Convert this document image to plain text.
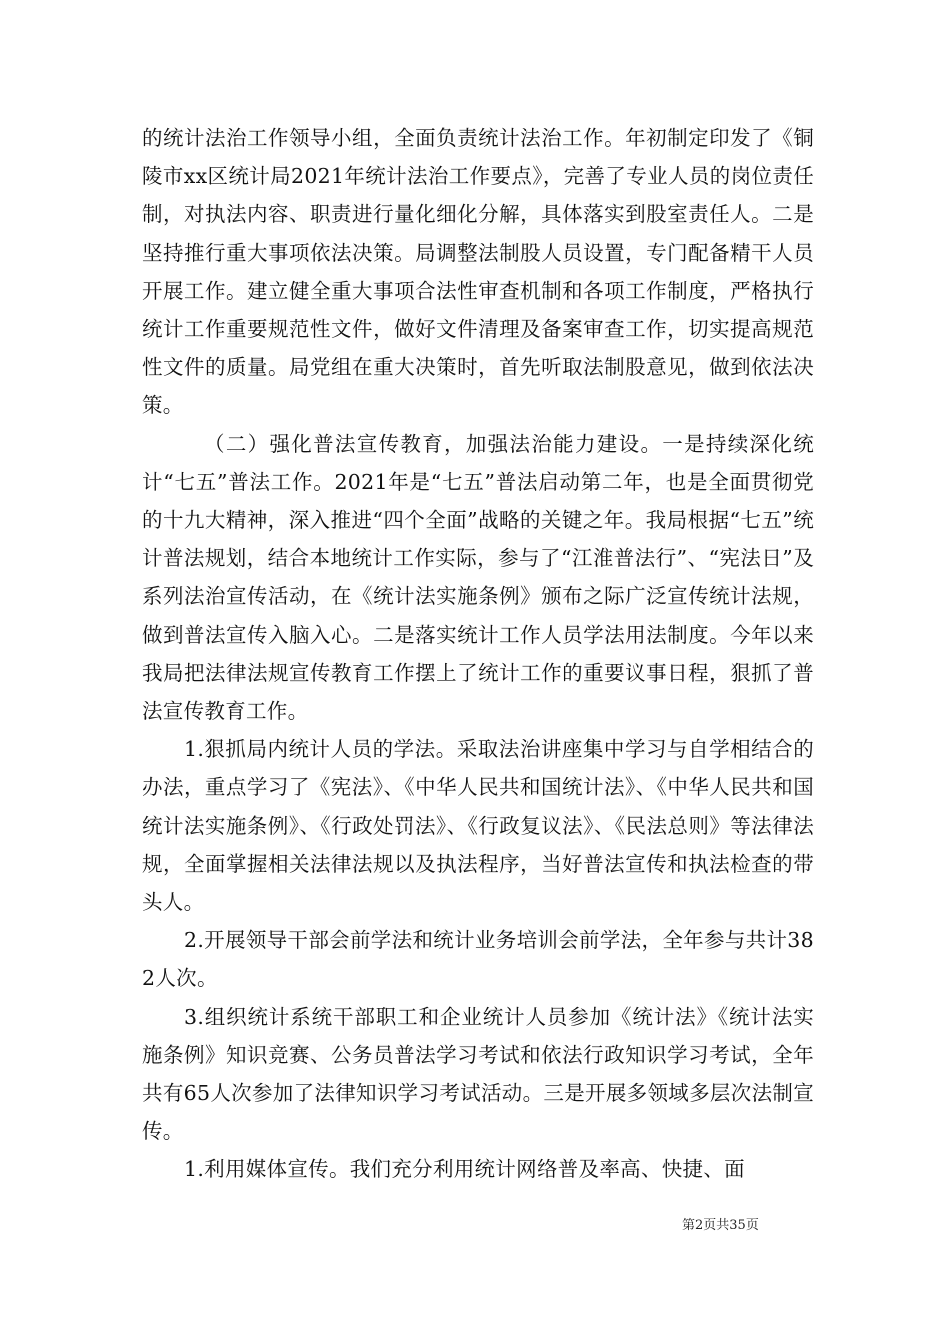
的统计法治工作领导小组，全面负责统计法治工作。年初制定印发了《铜陵市xx区统计局2021年统计法治工作要点》，完善了专业人员的岗位责任制，对执法内容、职责进行量化细化分解，具体落实到股室责任人。二是坚持推行重大事项依法决策。局调整法制股人员设置，专门配备精干人员开展工作。建立健全重大事项合法性审查机制和各项工作制度，严格执行统计工作重要规范性文件，做好文件清理及备案审查工作，切实提高规范性文件的质量。局党组在重大决策时，首先听取法制股意见，做到依法决策。

（二）强化普法宣传教育，加强法治能力建设。一是持续深化统计“七五”普法工作。2021年是“七五”普法启动第二年，也是全面贯彻党的十九大精神，深入推进“四个全面”战略的关键之年。我局根据“七五”统计普法规划，结合本地统计工作实际，参与了“江淮普法行”、“宪法日”及系列法治宣传活动，在《统计法实施条例》颁布之际广泛宣传统计法规，做到普法宣传入脑入心。二是落实统计工作人员学法用法制度。今年以来我局把法律法规宣传教育工作摆上了统计工作的重要议事日程，狠抓了普法宣传教育工作。

1.狠抓局内统计人员的学法。采取法治讲座集中学习与自学相结合的办法，重点学习了《宪法》、《中华人民共和国统计法》、《中华人民共和国统计法实施条例》、《行政处罚法》、《行政复议法》、《民法总则》等法律法规，全面掌握相关法律法规以及执法程序，当好普法宣传和执法检查的带头人。

2.开展领导干部会前学法和统计业务培训会前学法，全年参与共计382人次。

3.组织统计系统干部职工和企业统计人员参加《统计法》《统计法实施条例》知识竞赛、公务员普法学习考试和依法行政知识学习考试，全年共有65人次参加了法律知识学习考试活动。三是开展多领域多层次法制宣传。

1.利用媒体宣传。我们充分利用统计网络普及率高、快捷、面

第2页共35页
